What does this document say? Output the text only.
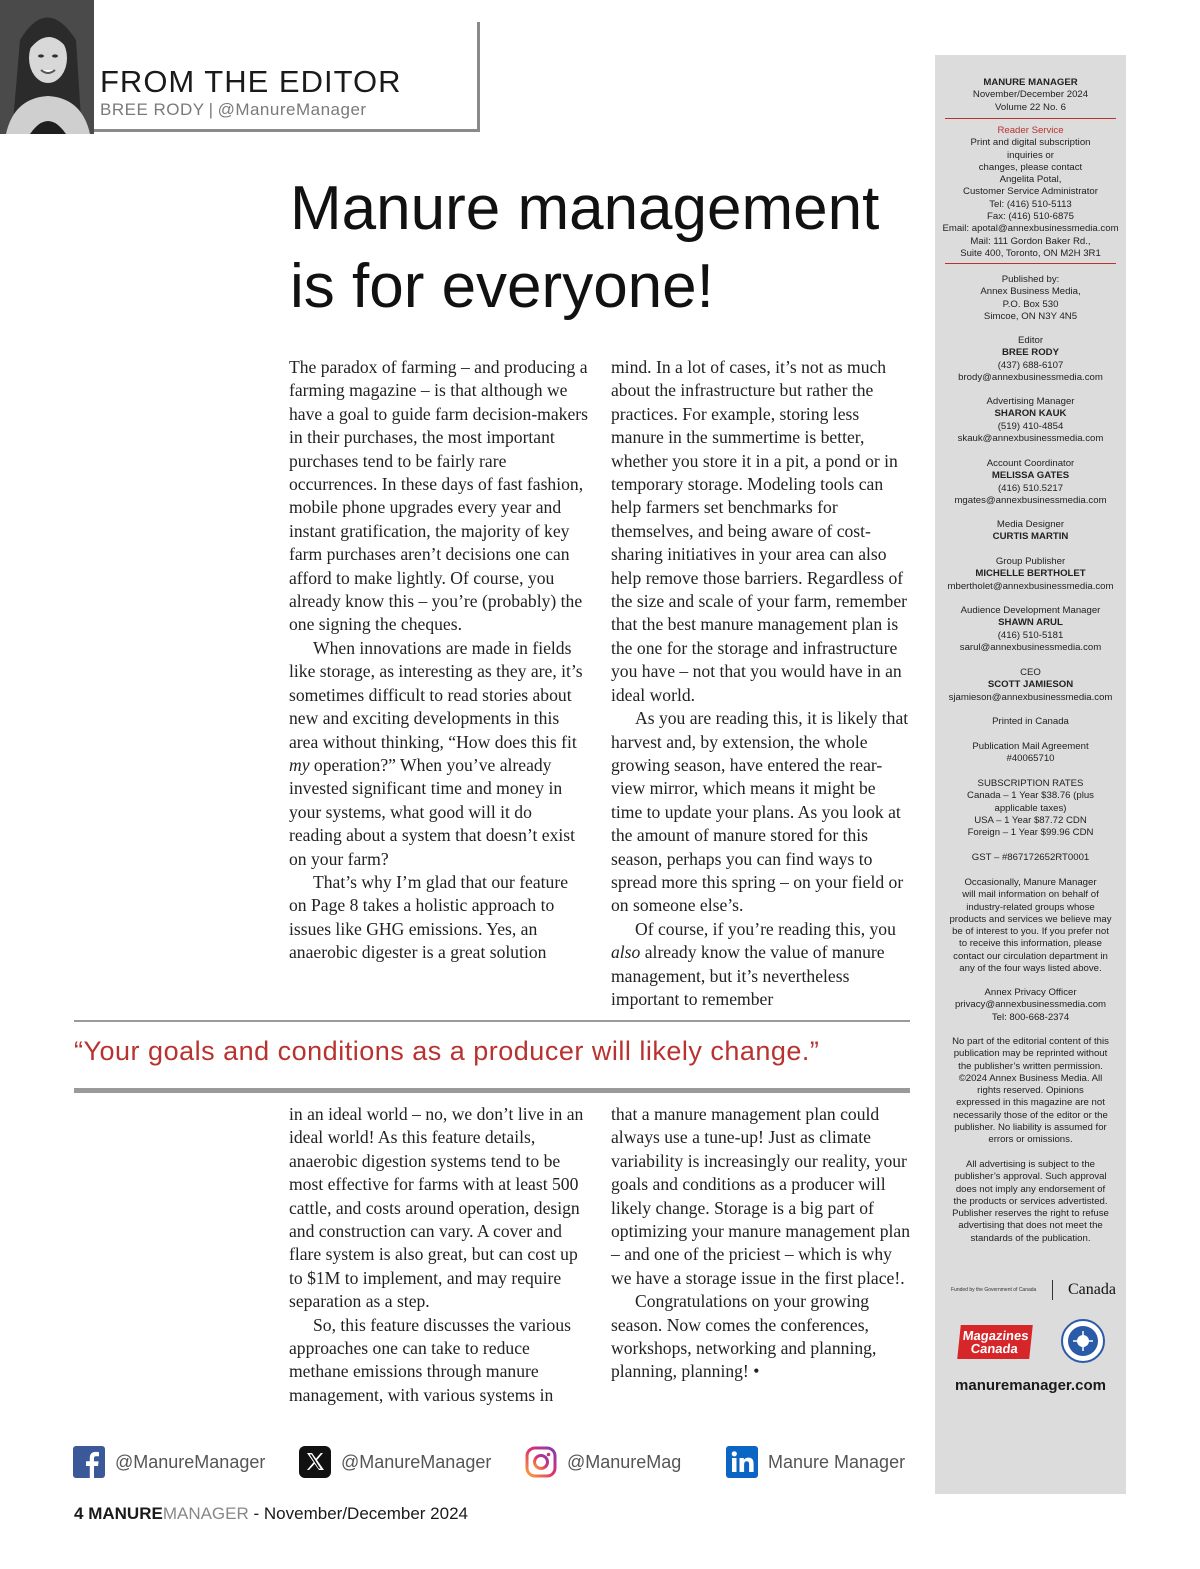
FROM THE EDITOR
BREE RODY | @ManureManager
Manure management
is for everyone!

The paradox of farming – and producing a farming magazine – is that although we have a goal to guide farm decision-makers in their purchases, the most important purchases tend to be fairly rare occurrences. In these days of fast fashion, mobile phone upgrades every year and instant gratification, the majority of key farm purchases aren’t decisions one can afford to make lightly. Of course, you already know this – you’re (probably) the one signing the cheques.

When innovations are made in fields like storage, as interesting as they are, it’s sometimes difficult to read stories about new and exciting developments in this area without thinking, “How does this fit my operation?” When you’ve already invested significant time and money in your systems, what good will it do reading about a system that doesn’t exist on your farm?

That’s why I’m glad that our feature on Page 8 takes a holistic approach to issues like GHG emissions. Yes, an anaerobic digester is a great solution

mind. In a lot of cases, it’s not as much about the infrastructure but rather the practices. For example, storing less manure in the summertime is better, whether you store it in a pit, a pond or in temporary storage. Modeling tools can help farmers set benchmarks for themselves, and being aware of cost-sharing initiatives in your area can also help remove those barriers. Regardless of the size and scale of your farm, remember that the best manure management plan is the one for the storage and infrastructure you have – not that you would have in an ideal world.

As you are reading this, it is likely that harvest and, by extension, the whole growing season, have entered the rear-view mirror, which means it might be time to update your plans. As you look at the amount of manure stored for this season, perhaps you can find ways to spread more this spring – on your field or on someone else’s.

Of course, if you’re reading this, you also already know the value of manure management, but it’s nevertheless important to remember

“Your goals and conditions as a producer will likely change.”

in an ideal world – no, we don’t live in an ideal world! As this feature details, anaerobic digestion systems tend to be most effective for farms with at least 500 cattle, and costs around operation, design and construction can vary. A cover and flare system is also great, but can cost up to $1M to implement, and may require separation as a step.

So, this feature discusses the various approaches one can take to reduce methane emissions through manure management, with various systems in

that a manure management plan could always use a tune-up! Just as climate variability is increasingly our reality, your goals and conditions as a producer will likely change. Storage is a big part of optimizing your manure management plan – and one of the priciest – which is why we have a storage issue in the first place!.

Congratulations on your growing season. Now comes the conferences, workshops, networking and planning, planning, planning! •

@ManureManager	@ManureManager	@ManureMag	Manure Manager
4 MANUREMANAGER - November/December 2024
MANURE MANAGER
November/December 2024
Volume 22 No. 6
Reader Service
Print and digital subscription
inquiries or
changes, please contact
Angelita Potal,
Customer Service Administrator
Tel: (416) 510-5113
Fax: (416) 510-6875
Email: apotal@annexbusinessmedia.com
Mail: 111 Gordon Baker Rd.,
Suite 400, Toronto, ON M2H 3R1
Published by:
Annex Business Media,
P.O. Box 530
Simcoe, ON N3Y 4N5
Editor
BREE RODY
(437) 688-6107
brody@annexbusinessmedia.com
Advertising Manager
SHARON KAUK
(519) 410-4854
skauk@annexbusinessmedia.com
Account Coordinator
MELISSA GATES
(416) 510.5217
mgates@annexbusinessmedia.com
Media Designer
CURTIS MARTIN
Group Publisher
MICHELLE BERTHOLET
mbertholet@annexbusinessmedia.com
Audience Development Manager
SHAWN ARUL
(416) 510-5181
sarul@annexbusinessmedia.com
CEO
SCOTT JAMIESON
sjamieson@annexbusinessmedia.com
Printed in Canada
Publication Mail Agreement
#40065710
SUBSCRIPTION RATES
Canada – 1 Year $38.76 (plus
applicable taxes)
USA – 1 Year $87.72 CDN
Foreign – 1 Year $99.96 CDN
GST – #867172652RT0001
Occasionally, Manure Manager
will mail information on behalf of
industry-related groups whose
products and services we believe may
be of interest to you. If you prefer not
to receive this information, please
contact our circulation department in
any of the four ways listed above.
Annex Privacy Officer
privacy@annexbusinessmedia.com
Tel: 800-668-2374
No part of the editorial content of this
publication may be reprinted without
the publisher’s written permission.
©2024 Annex Business Media. All
rights reserved. Opinions
expressed in this magazine are not
necessarily those of the editor or the
publisher. No liability is assumed for
errors or omissions.
All advertising is subject to the
publisher’s approval. Such approval
does not imply any endorsement of
the products or services advertisted.
Publisher reserves the right to refuse
advertising that does not meet the
standards of the publication.
Funded by the Government of Canada Canada
Magazines
Canada
manuremanager.com
